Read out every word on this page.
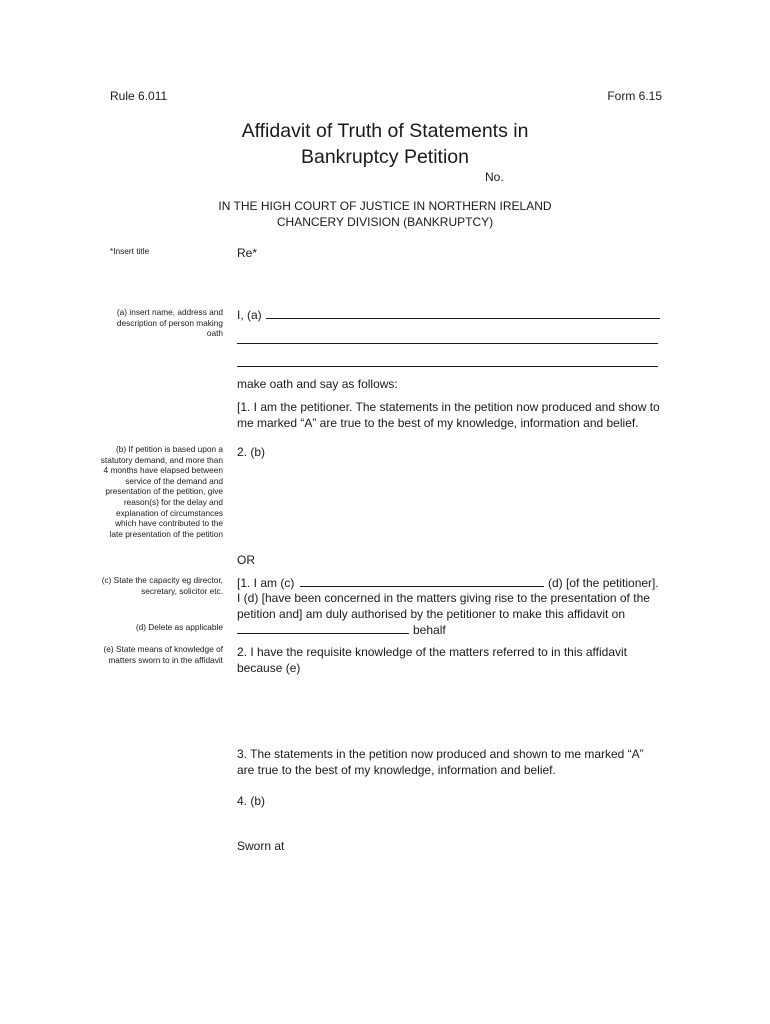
Rule 6.011	Form 6.15
Affidavit of Truth of Statements in
Bankruptcy Petition
No.
IN THE HIGH COURT OF JUSTICE IN NORTHERN IRELAND
CHANCERY DIVISION (BANKRUPTCY)
*Insert title
(a) insert name, address and description of person making oath
(b) If petition is based upon a statutory demand, and more than 4 months have elapsed between service of the demand and presentation of the petition, give reason(s) for the delay and explanation of circumstances which have contributed to the late presentation of the petition
(c) State the capacity eg director, secretary, solicitor etc.
(d) Delete as applicable
(e) State means of knowledge of matters sworn to in the affidavit
Re*
I, (a)
make oath and say as follows:
[1. I am the petitioner. The statements in the petition now produced and show to me marked “A” are true to the best of my knowledge, information and belief.
2. (b)
OR
[1. I am (c)	(d) [of the petitioner].
I (d) [have been concerned in the matters giving rise to the presentation of the
petition and] am duly authorised by the petitioner to make this affidavit on
behalf
2. I have the requisite knowledge of the matters referred to in this affidavit because (e)
3. The statements in the petition now produced and shown to me marked “A” are true to the best of my knowledge, information and belief.
4. (b)
Sworn at
